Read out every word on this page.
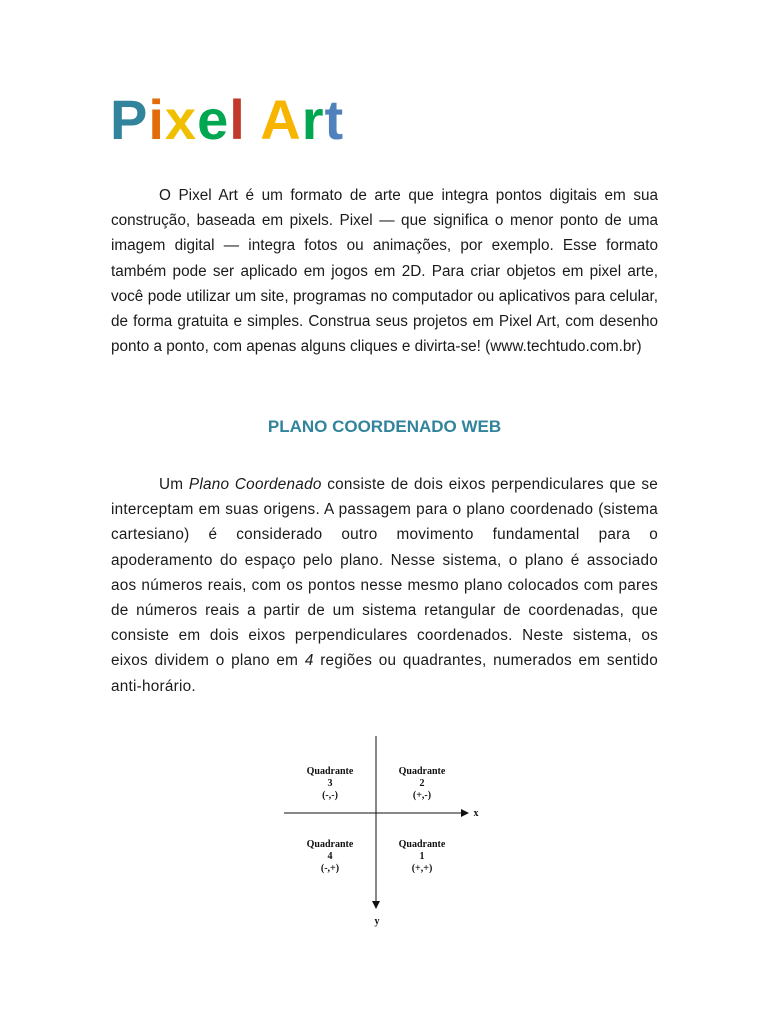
Pixel Art

O Pixel Art é um formato de arte que integra pontos digitais em sua construção, baseada em pixels. Pixel — que significa o menor ponto de uma imagem digital — integra fotos ou animações, por exemplo. Esse formato também pode ser aplicado em jogos em 2D. Para criar objetos em pixel arte, você pode utilizar um site, programas no computador ou aplicativos para celular, de forma gratuita e simples. Construa seus projetos em Pixel Art, com desenho ponto a ponto, com apenas alguns cliques e divirta-se! (www.techtudo.com.br)

PLANO COORDENADO WEB

Um Plano Coordenado consiste de dois eixos perpendiculares que se interceptam em suas origens. A passagem para o plano coordenado (sistema cartesiano) é considerado outro movimento fundamental para o apoderamento do espaço pelo plano. Nesse sistema, o plano é associado aos números reais, com os pontos nesse mesmo plano colocados com pares de números reais a partir de um sistema retangular de coordenadas, que consiste em dois eixos perpendiculares coordenados. Neste sistema, os eixos dividem o plano em 4 regiões ou quadrantes, numerados em sentido anti-horário.

x
y
Quadrante
3
(-,-)
Quadrante
2
(+,-)
Quadrante
4
(-,+)
Quadrante
1
(+,+)
